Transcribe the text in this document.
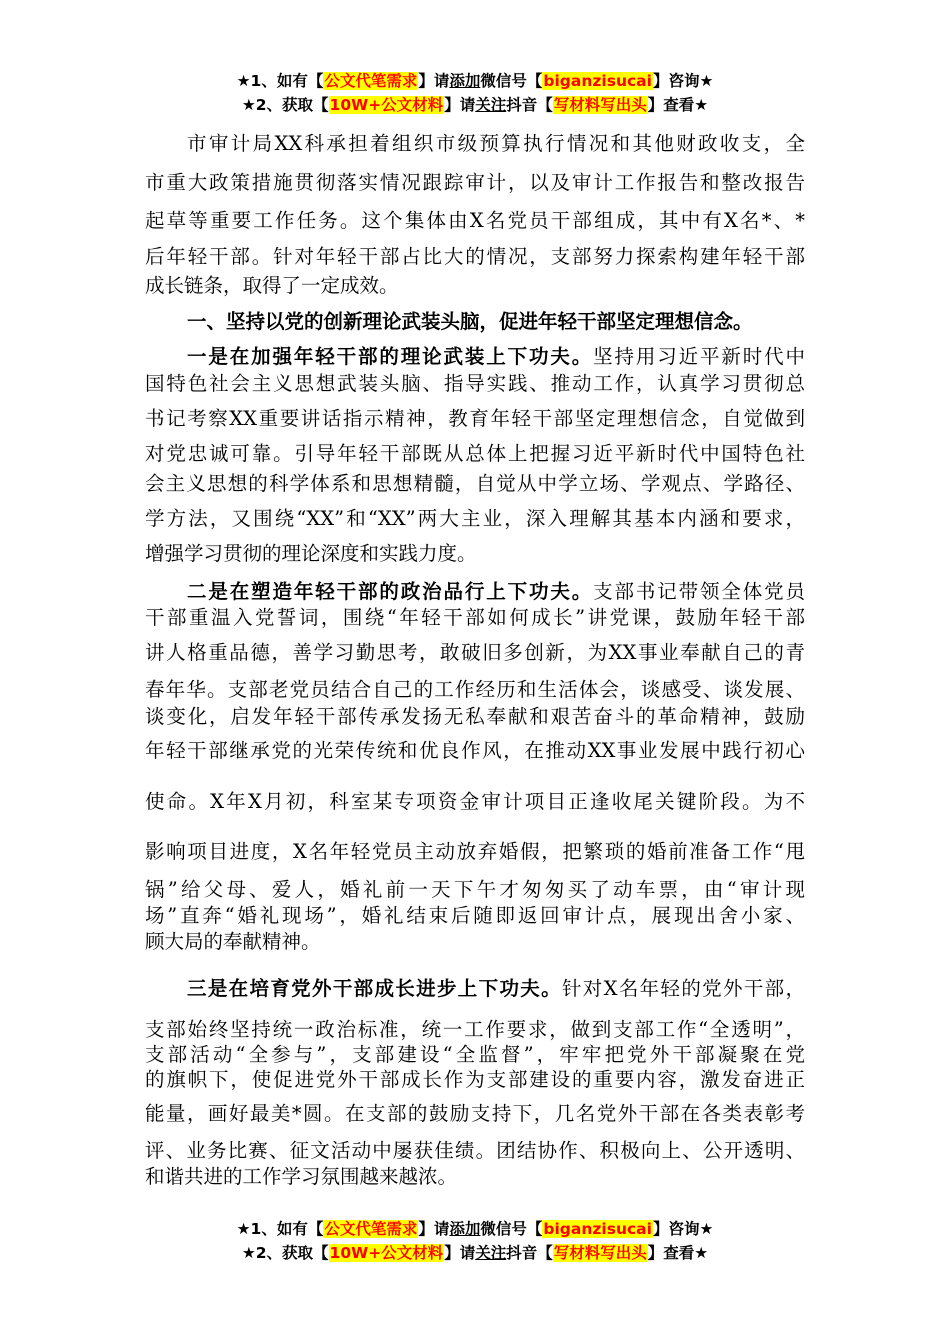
★1、如有【公文代笔需求】请添加微信号【biganzisucai】咨询★
★2、获取【10W+公文材料】请关注抖音【写材料写出头】查看★
市审计局XX科承担着组织市级预算执行情况和其他财政收支，全
市重大政策措施贯彻落实情况跟踪审计，以及审计工作报告和整改报告
起草等重要工作任务。这个集体由X名党员干部组成，其中有X名*、*
后年轻干部。针对年轻干部占比大的情况，支部努力探索构建年轻干部
成长链条，取得了一定成效。
一、坚持以党的创新理论武装头脑，促进年轻干部坚定理想信念。
一是在加强年轻干部的理论武装上下功夫。坚持用习近平新时代中
国特色社会主义思想武装头脑、指导实践、推动工作，认真学习贯彻总
书记考察XX重要讲话指示精神，教育年轻干部坚定理想信念，自觉做到
对党忠诚可靠。引导年轻干部既从总体上把握习近平新时代中国特色社
会主义思想的科学体系和思想精髓，自觉从中学立场、学观点、学路径、
学方法，又围绕“XX”和“XX”两大主业，深入理解其基本内涵和要求，
增强学习贯彻的理论深度和实践力度。
二是在塑造年轻干部的政治品行上下功夫。支部书记带领全体党员
干部重温入党誓词，围绕“年轻干部如何成长”讲党课，鼓励年轻干部
讲人格重品德，善学习勤思考，敢破旧多创新，为XX事业奉献自己的青
春年华。支部老党员结合自己的工作经历和生活体会，谈感受、谈发展、
谈变化，启发年轻干部传承发扬无私奉献和艰苦奋斗的革命精神，鼓励
年轻干部继承党的光荣传统和优良作风，在推动XX事业发展中践行初心
使命。X年X月初，科室某专项资金审计项目正逢收尾关键阶段。为不
影响项目进度，X名年轻党员主动放弃婚假，把繁琐的婚前准备工作“甩
锅”给父母、爱人，婚礼前一天下午才匆匆买了动车票，由“审计现
场”直奔“婚礼现场”，婚礼结束后随即返回审计点，展现出舍小家、
顾大局的奉献精神。
三是在培育党外干部成长进步上下功夫。针对X名年轻的党外干部，
支部始终坚持统一政治标准，统一工作要求，做到支部工作“全透明”，
支部活动“全参与”，支部建设“全监督”，牢牢把党外干部凝聚在党
的旗帜下，使促进党外干部成长作为支部建设的重要内容，激发奋进正
能量，画好最美*圆。在支部的鼓励支持下，几名党外干部在各类表彰考
评、业务比赛、征文活动中屡获佳绩。团结协作、积极向上、公开透明、
和谐共进的工作学习氛围越来越浓。
★1、如有【公文代笔需求】请添加微信号【biganzisucai】咨询★
★2、获取【10W+公文材料】请关注抖音【写材料写出头】查看★
